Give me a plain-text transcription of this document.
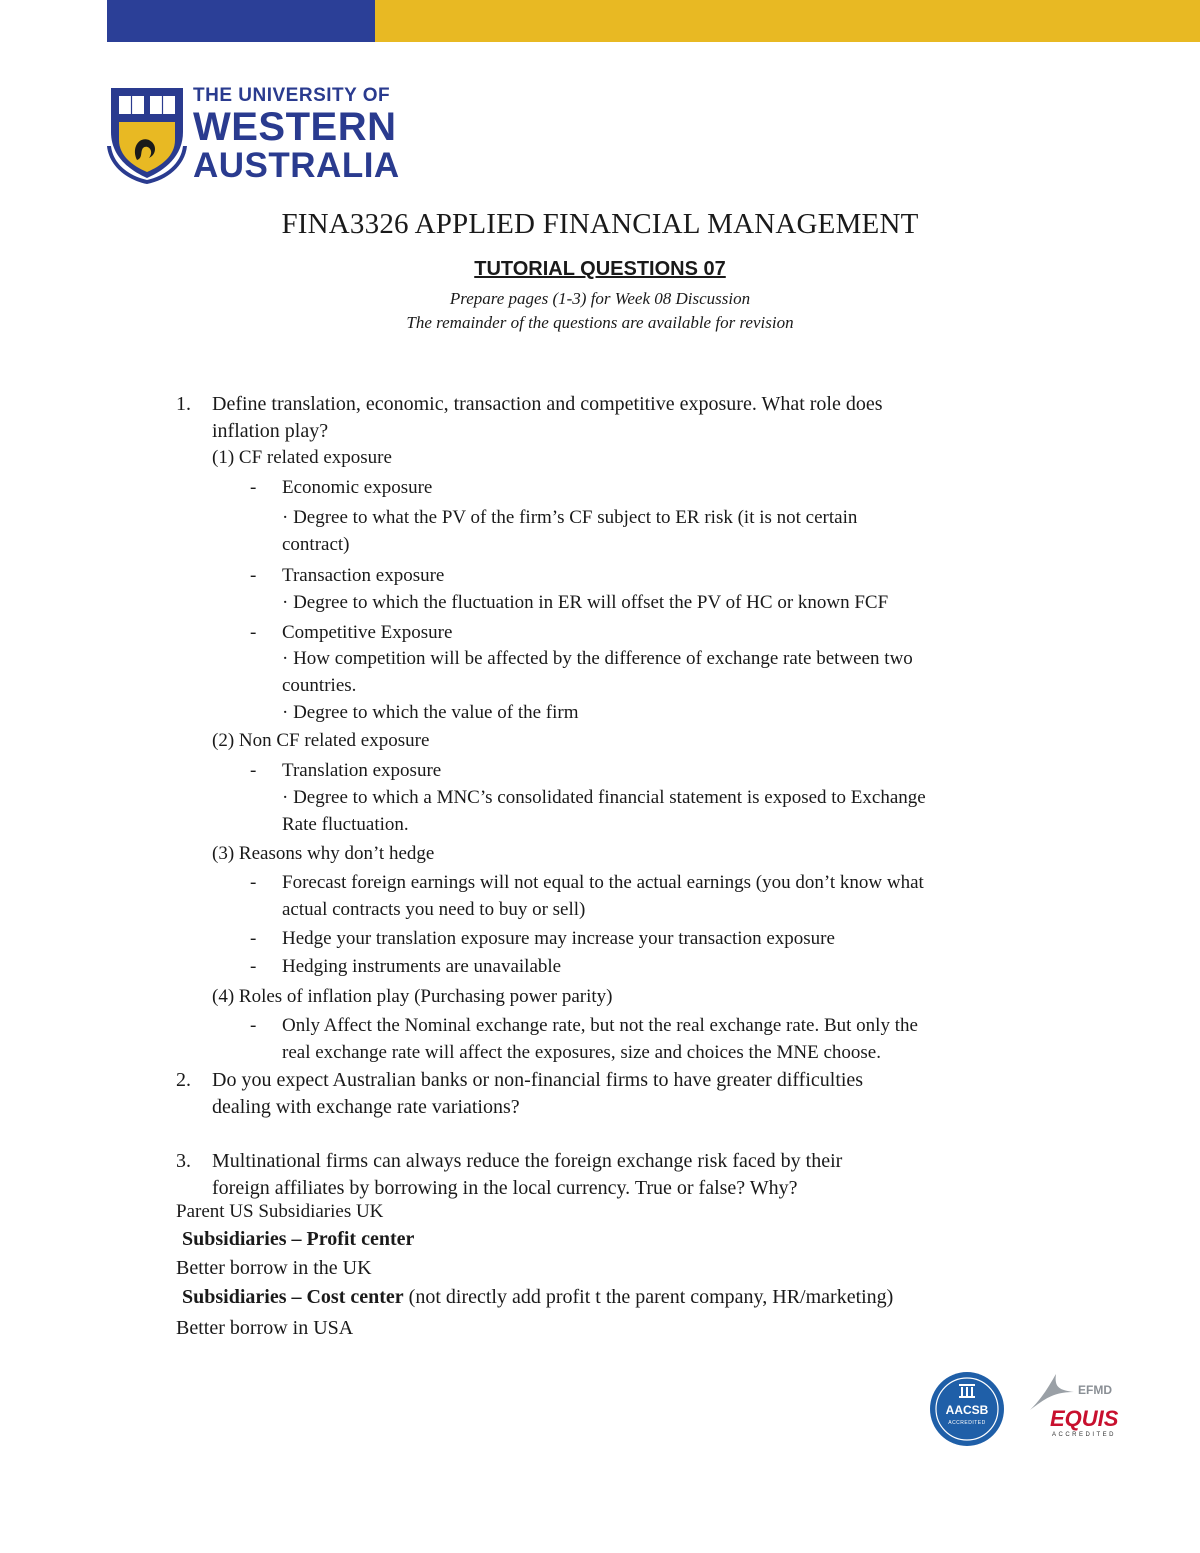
THE UNIVERSITY OF
WESTERN
AUSTRALIA
FINA3326 APPLIED FINANCIAL MANAGEMENT
TUTORIAL QUESTIONS 07
Prepare pages (1-3) for Week 08 Discussion
The remainder of the questions are available for revision
1. Define translation, economic, transaction and competitive exposure. What role does
inflation play?
(1) CF related exposure
- Economic exposure
· Degree to what the PV of the firm’s CF subject to ER risk (it is not certain
contract)
- Transaction exposure
· Degree to which the fluctuation in ER will offset the PV of HC or known FCF
- Competitive Exposure
· How competition will be affected by the difference of exchange rate between two
countries.
· Degree to which the value of the firm
(2) Non CF related exposure
- Translation exposure
· Degree to which a MNC’s consolidated financial statement is exposed to Exchange
Rate fluctuation.
(3) Reasons why don’t hedge
- Forecast foreign earnings will not equal to the actual earnings (you don’t know what
actual contracts you need to buy or sell)
- Hedge your translation exposure may increase your transaction exposure
- Hedging instruments are unavailable
(4) Roles of inflation play (Purchasing power parity)
- Only Affect the Nominal exchange rate, but not the real exchange rate. But only the
real exchange rate will affect the exposures, size and choices the MNE choose.
2. Do you expect Australian banks or non-financial firms to have greater difficulties
dealing with exchange rate variations?
3. Multinational firms can always reduce the foreign exchange risk faced by their
foreign affiliates by borrowing in the local currency. True or false? Why?
Parent US Subsidiaries UK
Subsidiaries – Profit center
Better borrow in the UK
Subsidiaries – Cost center (not directly add profit t the parent company, HR/marketing)
Better borrow in USA
AACSB
ACCREDITED
EFMD
EQUIS
ACCREDITED
